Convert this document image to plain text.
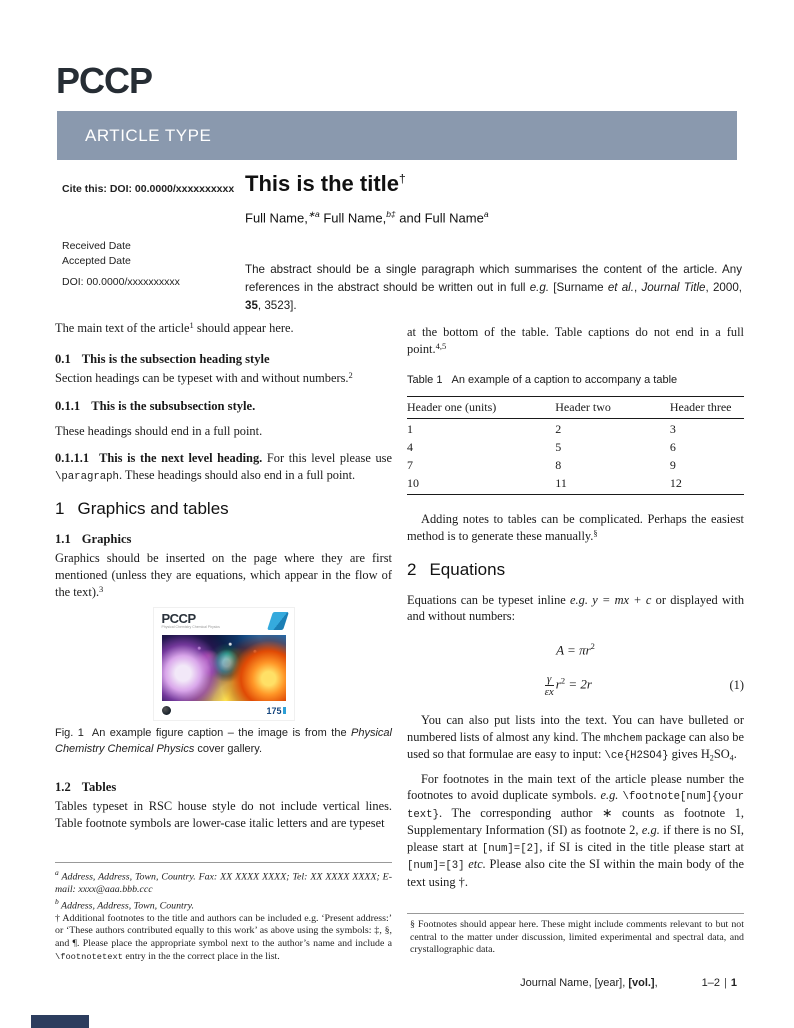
PCCP
ARTICLE TYPE
Cite this: DOI: 00.0000/xxxxxxxxxx
Received Date
Accepted Date
DOI: 00.0000/xxxxxxxxxx
This is the title†
Full Name,$^{∗a}$ Full Name,$^{b\ddagger}$ and Full Name$^a$
The abstract should be a single paragraph which summarises the content of the article. Any references in the abstract should be written out in full e.g. [Surname et al., Journal Title, 2000, 35, 3523].

The main text of the article$^1$ should appear here.

0.1 This is the subsection heading style

Section headings can be typeset with and without numbers.$^2$

0.1.1 This is the subsubsection style.

These headings should end in a full point.

0.1.1.1 This is the next level heading. For this level please use \paragraph. These headings should also end in a full point.

1 Graphics and tables
1.1 Graphics

Graphics should be inserted on the page where they are first mentioned (unless they are equations, which appear in the flow of the text).$^3$

PCCP
Physical Chemistry Chemical Physics
175
Fig. 1 An example figure caption – the image is from the Physical Chemistry Chemical Physics cover gallery.
1.2 Tables

Tables typeset in RSC house style do not include vertical lines. Table footnote symbols are lower-case italic letters and are typeset

at the bottom of the table. Table captions do not end in a full point.$^{4,5}$

Table 1 An example of a caption to accompany a table
Header one (units)	Header two	Header three
1	2	3
4	5	6
7	8	9
10	11	12

Adding notes to tables can be complicated. Perhaps the easiest method is to generate these manually.§

2 Equations

Equations can be typeset inline e.g. y = mx + c or displayed with and without numbers:

$A = \pi r^2$
$\frac{\gamma}{\varepsilon x} r^2 = 2r$	(1)

You can also put lists into the text. You can have bulleted or numbered lists of almost any kind. The mhchem package can also be used so that formulae are easy to input: \ce{H2SO4} gives $H_2SO_4$.

For footnotes in the main text of the article please number the footnotes to avoid duplicate symbols. e.g. \footnote[num]{your text}. The corresponding author ∗ counts as footnote 1, Supplementary Information (SI) as footnote 2, e.g. if there is no SI, please start at [num]=[2], if SI is cited in the title please start at [num]=[3] etc. Please also cite the SI within the main body of the text using †.

$^a$ Address, Address, Town, Country. Fax: XX XXXX XXXX; Tel: XX XXXX XXXX; E-mail: xxxx@aaa.bbb.ccc
$^b$ Address, Address, Town, Country.
† Additional footnotes to the title and authors can be included e.g. ‘Present address:’ or ‘These authors contributed equally to this work’ as above using the symbols: ‡, §, and ¶. Please place the appropriate symbol next to the author’s name and include a \footnotetext entry in the the correct place in the list.
§ Footnotes should appear here. These might include comments relevant to but not central to the matter under discussion, limited experimental and spectral data, and crystallographic data.
Journal Name, [year], [vol.],	1–2 | 1
